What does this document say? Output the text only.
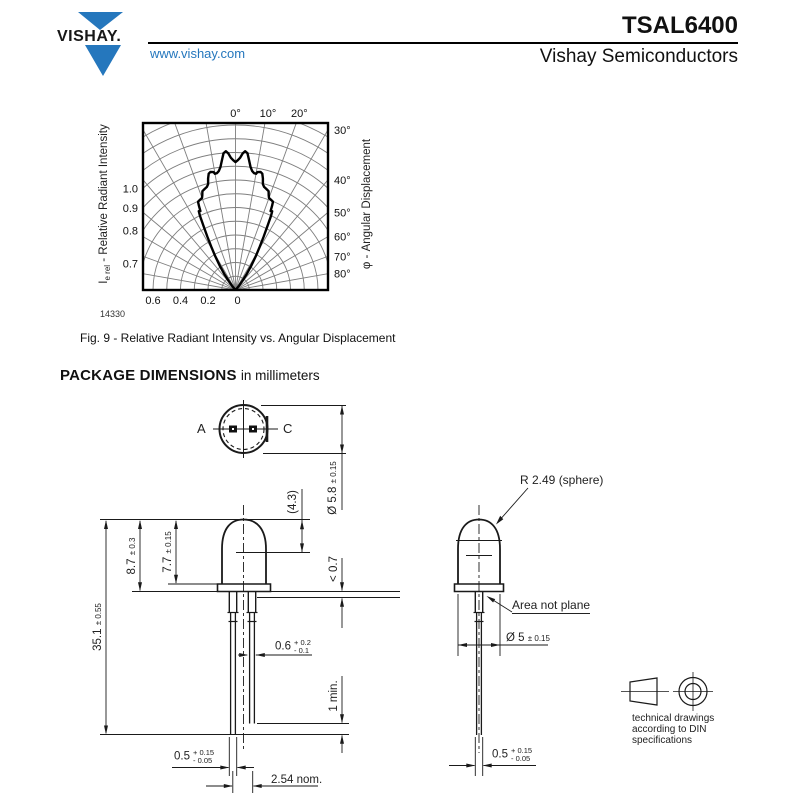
VISHAY.
www.vishay.com
TSAL6400
Vishay Semiconductors
0° 10° 20°
30°
40°
50°
60°
70°
80°
1.0
0.9
0.8
0.7
0.6 0.4 0.2 0
$I_{e rel}$ - Relative Radiant Intensity	φ - Angular Displacement
14330
Fig. 9 - Relative Radiant Intensity vs. Angular Displacement
PACKAGE DIMENSIONS in millimeters
A	C
Ø 5.8 ± 0.15
(4.3)
35.1 ± 0.55
8.7 ± 0.3
7.7 ± 0.15
< 0.7
1 min.
0.6 + 0.2
- 0.1
0.5 + 0.15
- 0.05
2.54 nom.
R 2.49 (sphere)
Area not plane
Ø 5 ± 0.15
0.5 + 0.15
- 0.05
technical drawings
according to DIN
specifications
